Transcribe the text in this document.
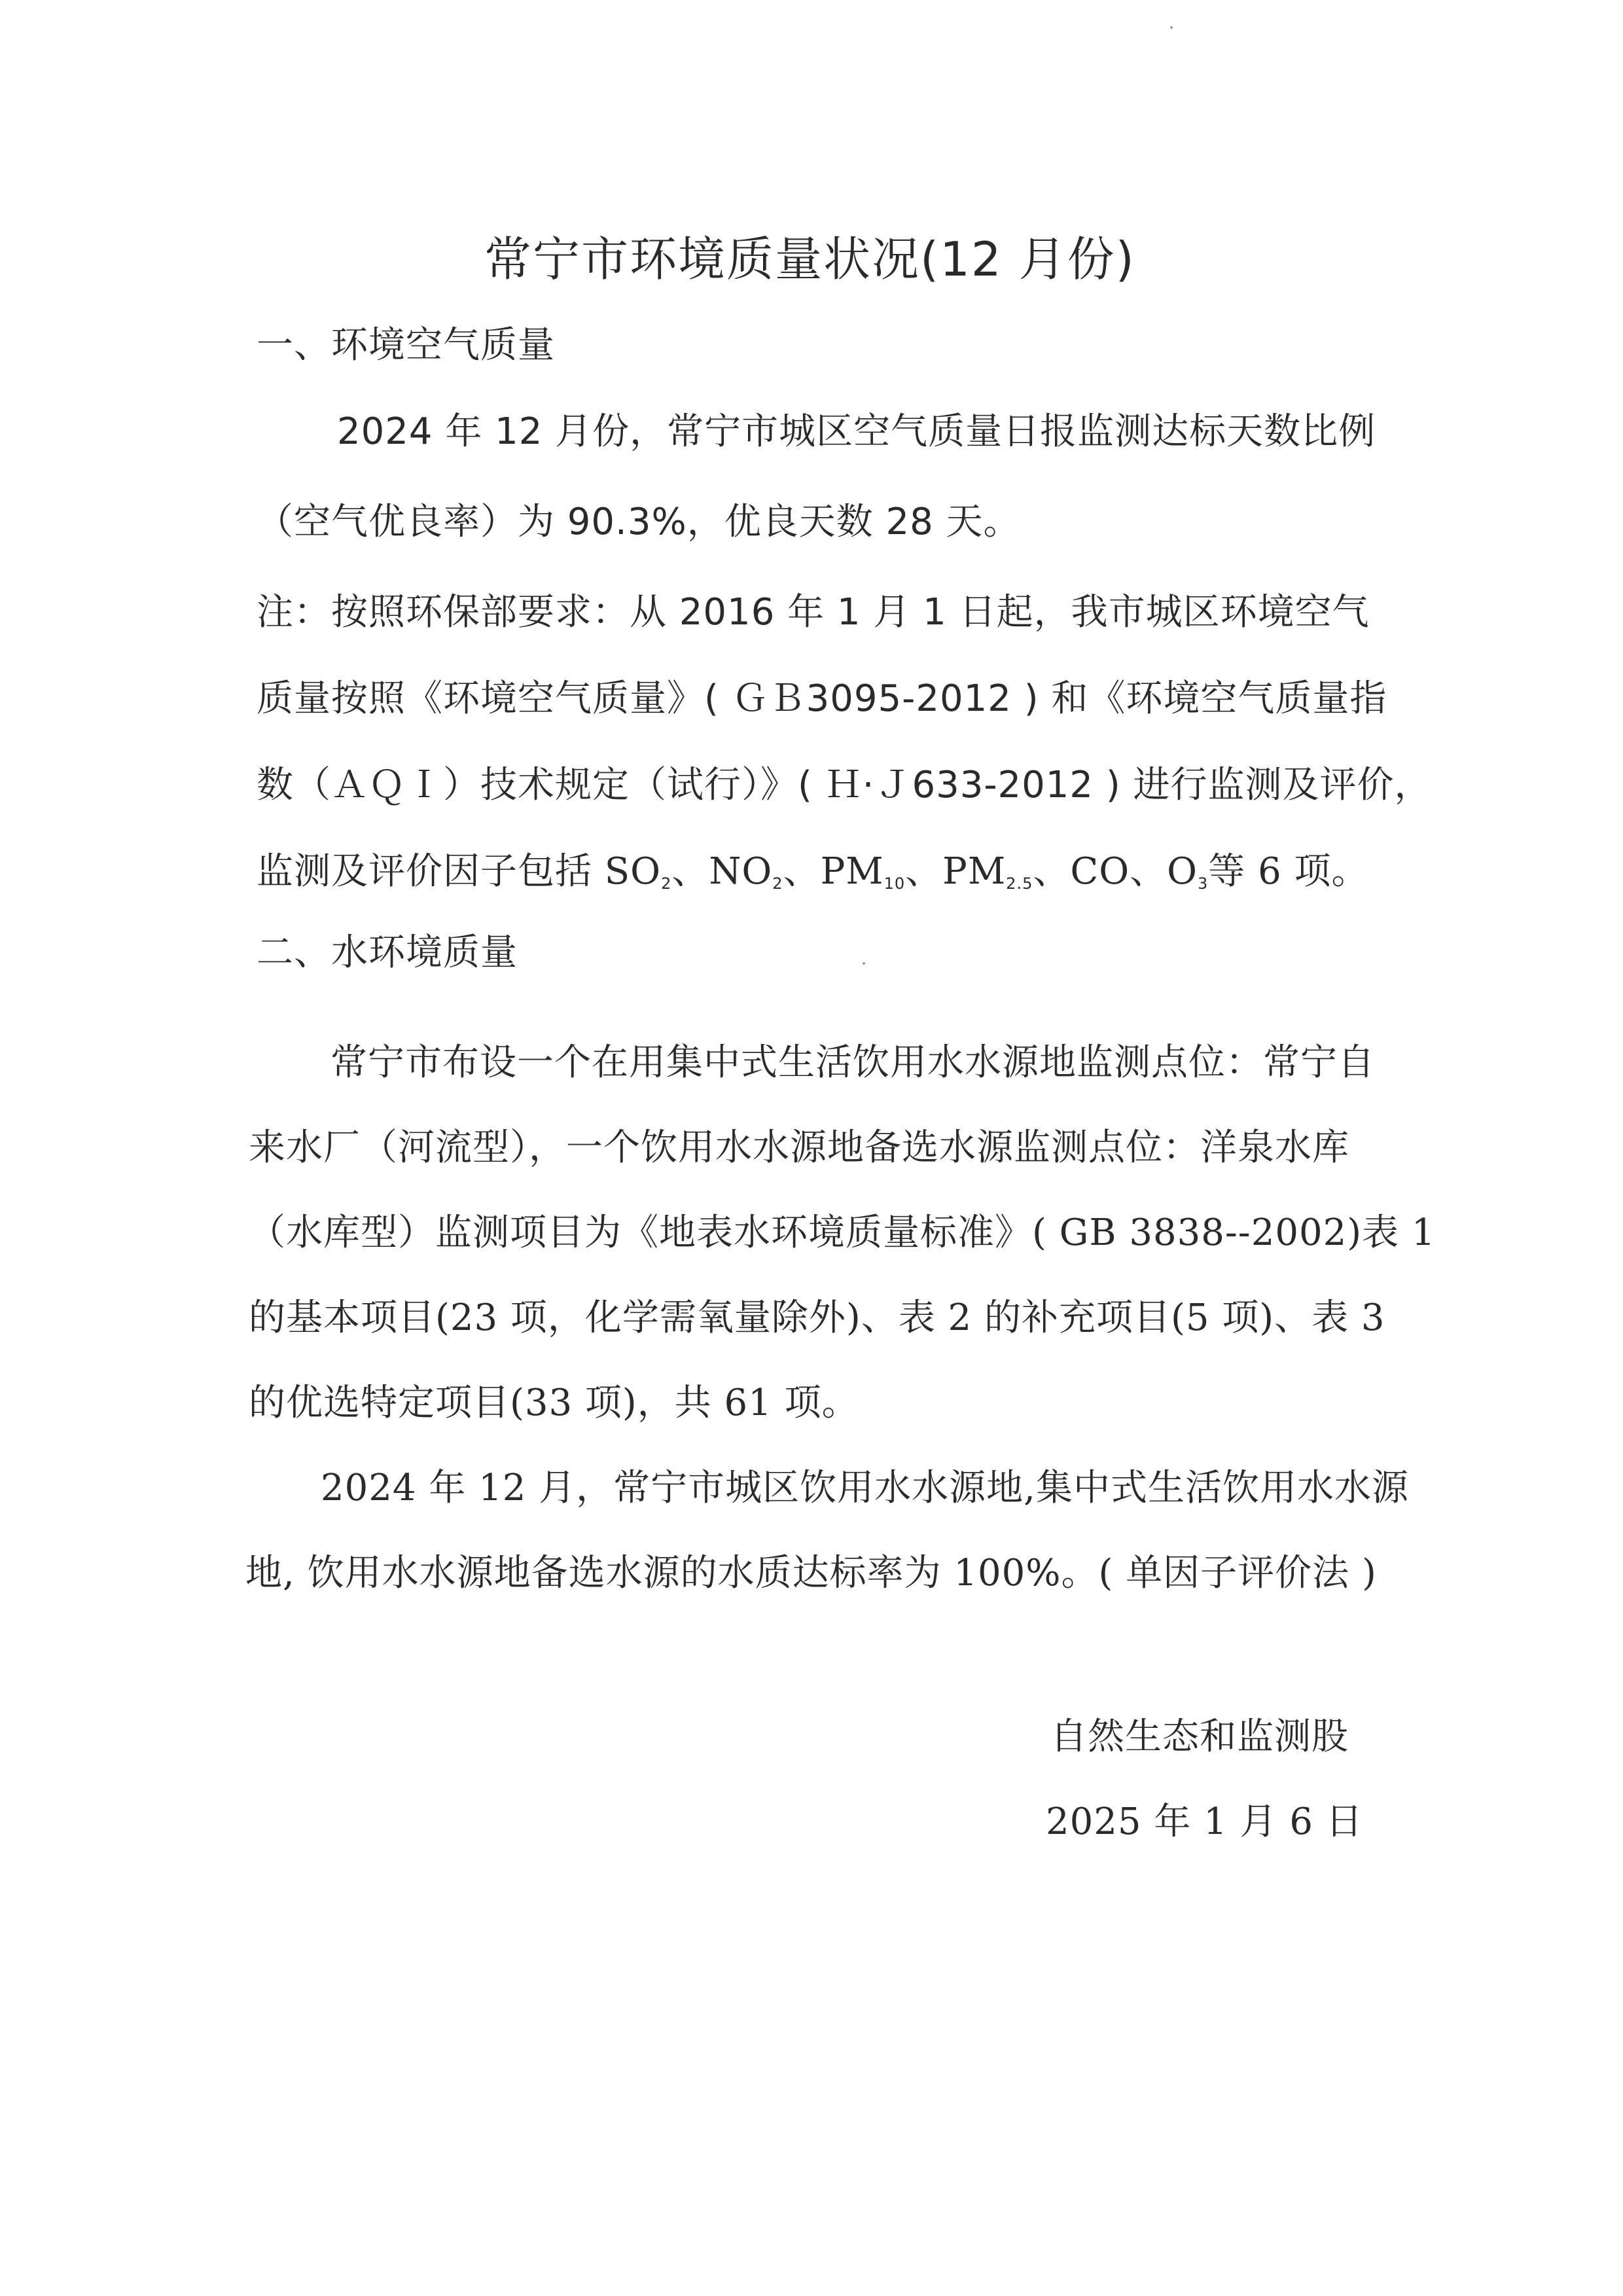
常宁市环境质量状况(12 月份)
一、环境空气质量
2024 年 12 月份，常宁市城区空气质量日报监测达标天数比例
（空气优良率）为 90.3%，优良天数 28 天。
注：按照环保部要求：从 2016 年 1 月 1 日起，我市城区环境空气
质量按照《环境空气质量》( ＧＢ3095-2012 ) 和《环境空气质量指
数（ＡＱＩ）技术规定（试行）》( Ｈ·Ｊ633-2012 ) 进行监测及评价，
监测及评价因子包括 $SO_2$、$NO_2$、$PM_{10}$、$PM_{2.5}$、CO、$O_3$等 6 项。
二、水环境质量
常宁市布设一个在用集中式生活饮用水水源地监测点位：常宁自
来水厂（河流型），一个饮用水水源地备选水源监测点位：洋泉水库
（水库型）监测项目为《地表水环境质量标准》( GB 3838--2002)表 1
的基本项目(23 项，化学需氧量除外)、表 2 的补充项目(5 项)、表 3
的优选特定项目(33 项)，共 61 项。
2024 年 12 月，常宁市城区饮用水水源地,集中式生活饮用水水源
地, 饮用水水源地备选水源的水质达标率为 100%。( 单因子评价法 )
自然生态和监测股
2025 年 1 月 6 日
